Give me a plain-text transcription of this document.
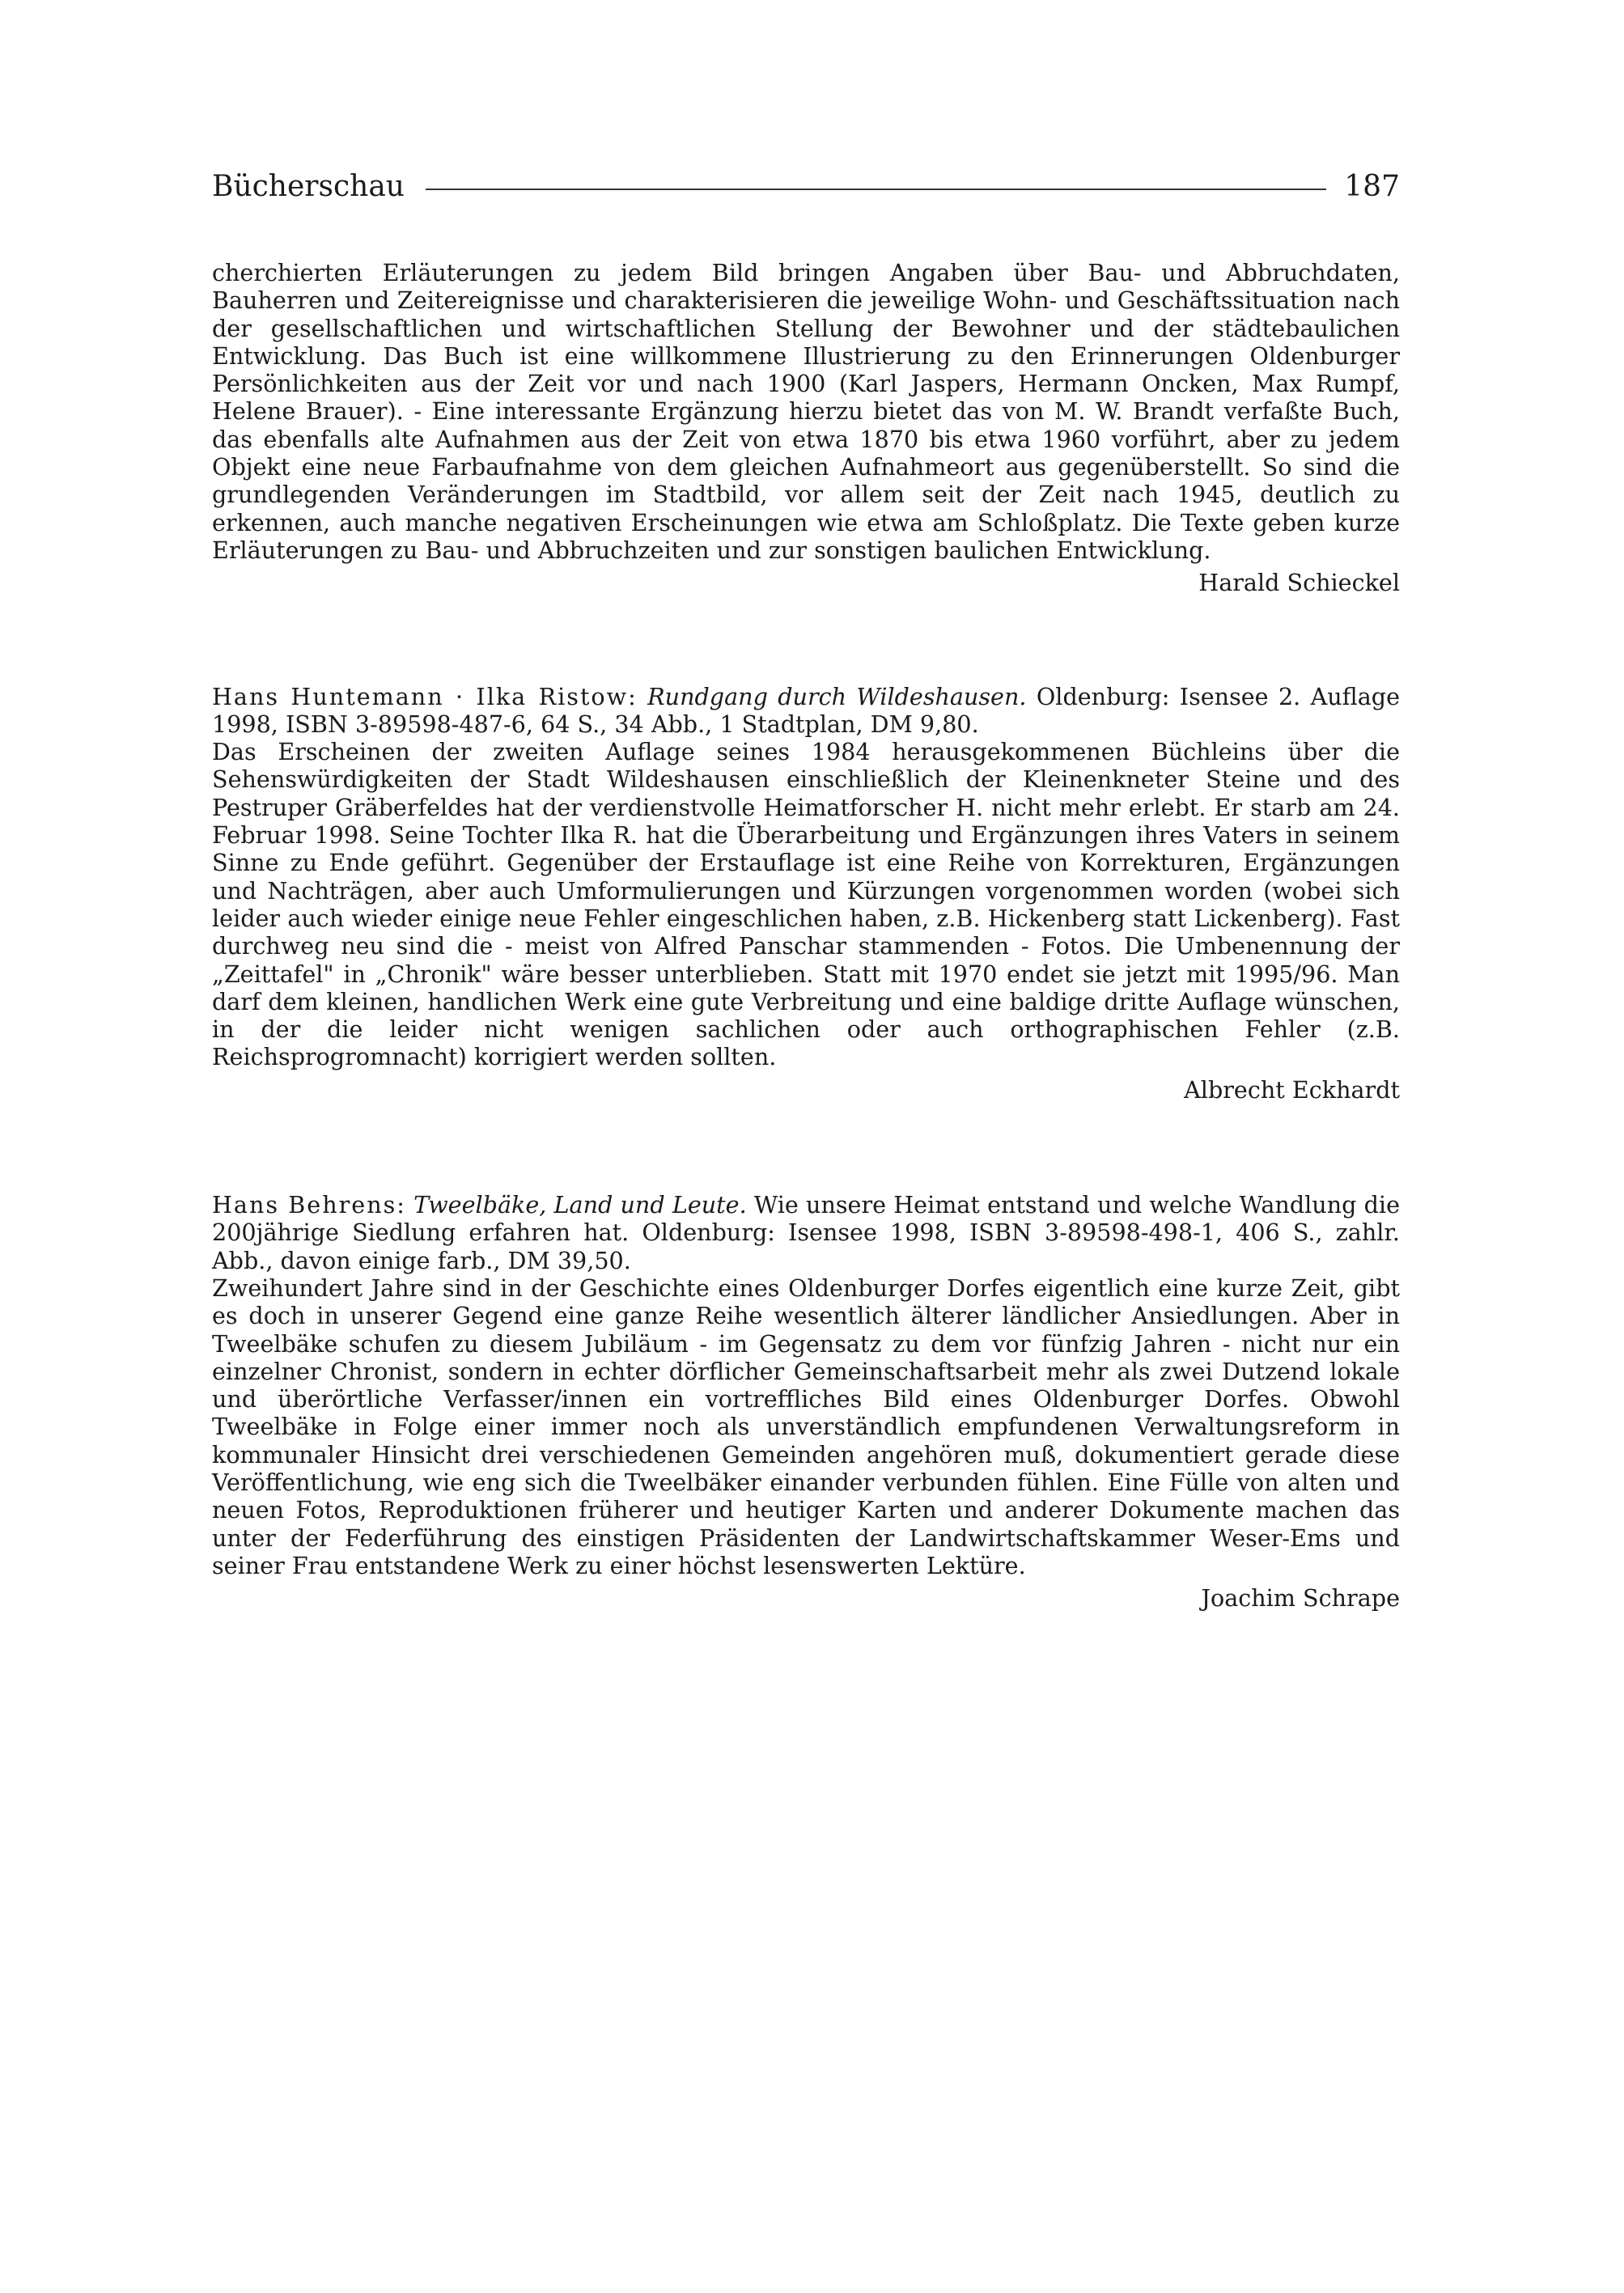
Bücherschau	187

cherchierten Erläuterungen zu jedem Bild bringen Angaben über Bau- und Abbruchdaten, Bauherren und Zeitereignisse und charakterisieren die jeweilige Wohn- und Geschäftssituation nach der gesellschaftlichen und wirtschaftlichen Stellung der Bewohner und der städtebaulichen Entwicklung. Das Buch ist eine willkommene Illustrierung zu den Erinnerungen Oldenburger Persönlichkeiten aus der Zeit vor und nach 1900 (Karl Jaspers, Hermann Oncken, Max Rumpf, Helene Brauer). - Eine interessante Ergänzung hierzu bietet das von M. W. Brandt verfaßte Buch, das ebenfalls alte Aufnahmen aus der Zeit von etwa 1870 bis etwa 1960 vorführt, aber zu jedem Objekt eine neue Farbaufnahme von dem gleichen Aufnahmeort aus gegenüberstellt. So sind die grundlegenden Veränderungen im Stadtbild, vor allem seit der Zeit nach 1945, deutlich zu erkennen, auch manche negativen Erscheinungen wie etwa am Schloßplatz. Die Texte geben kurze Erläuterungen zu Bau- und Abbruchzeiten und zur sonstigen baulichen Entwicklung.

Harald Schieckel

Hans Huntemann · Ilka Ristow: Rundgang durch Wildeshausen. Oldenburg: Isensee 2. Auflage 1998, ISBN 3-89598-487-6, 64 S., 34 Abb., 1 Stadtplan, DM 9,80.

Das Erscheinen der zweiten Auflage seines 1984 herausgekommenen Büchleins über die Sehenswürdigkeiten der Stadt Wildeshausen einschließlich der Kleinenkneter Steine und des Pestruper Gräberfeldes hat der verdienstvolle Heimatforscher H. nicht mehr erlebt. Er starb am 24. Februar 1998. Seine Tochter Ilka R. hat die Überarbeitung und Ergänzungen ihres Vaters in seinem Sinne zu Ende geführt. Gegenüber der Erstauflage ist eine Reihe von Korrekturen, Ergänzungen und Nachträgen, aber auch Umformulierungen und Kürzungen vorgenommen worden (wobei sich leider auch wieder einige neue Fehler eingeschlichen haben, z.B. Hickenberg statt Lickenberg). Fast durchweg neu sind die - meist von Alfred Panschar stammenden - Fotos. Die Umbenennung der „Zeittafel" in „Chronik" wäre besser unterblieben. Statt mit 1970 endet sie jetzt mit 1995/96. Man darf dem kleinen, handlichen Werk eine gute Verbreitung und eine baldige dritte Auflage wünschen, in der die leider nicht wenigen sachlichen oder auch orthographischen Fehler (z.B. Reichsprogromnacht) korrigiert werden sollten.

Albrecht Eckhardt

Hans Behrens: Tweelbäke, Land und Leute. Wie unsere Heimat entstand und welche Wandlung die 200jährige Siedlung erfahren hat. Oldenburg: Isensee 1998, ISBN 3-89598-498-1, 406 S., zahlr. Abb., davon einige farb., DM 39,50.

Zweihundert Jahre sind in der Geschichte eines Oldenburger Dorfes eigentlich eine kurze Zeit, gibt es doch in unserer Gegend eine ganze Reihe wesentlich älterer ländlicher Ansiedlungen. Aber in Tweelbäke schufen zu diesem Jubiläum - im Gegensatz zu dem vor fünfzig Jahren - nicht nur ein einzelner Chronist, sondern in echter dörflicher Gemeinschaftsarbeit mehr als zwei Dutzend lokale und überörtliche Verfasser/innen ein vortreffliches Bild eines Oldenburger Dorfes. Obwohl Tweelbäke in Folge einer immer noch als unverständlich empfundenen Verwaltungsreform in kommunaler Hinsicht drei verschiedenen Gemeinden angehören muß, dokumentiert gerade diese Veröffentlichung, wie eng sich die Tweelbäker einander verbunden fühlen. Eine Fülle von alten und neuen Fotos, Reproduktionen früherer und heutiger Karten und anderer Dokumente machen das unter der Federführung des einstigen Präsidenten der Landwirtschaftskammer Weser-Ems und seiner Frau entstandene Werk zu einer höchst lesenswerten Lektüre.

Joachim Schrape
